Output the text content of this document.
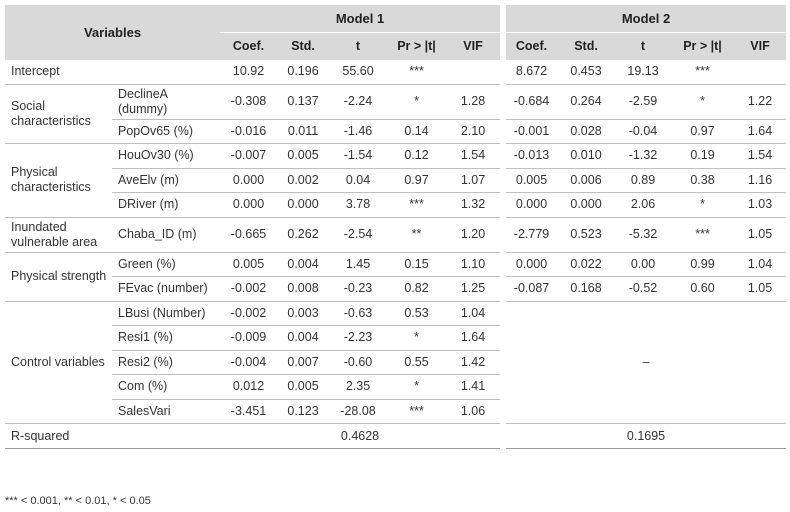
Variables		Model 1					Model 2				
		Coef.	Std.	t	Pr > |t|	VIF	Coef.	Std.	t	Pr > |t|	VIF
Intercept		10.92	0.196	55.60	***		8.672	0.453	19.13	***	
Social characteristics	DeclineA (dummy)	-0.308	0.137	-2.24	*	1.28	-0.684	0.264	-2.59	*	1.22
	PopOv65 (%)	-0.016	0.011	-1.46	0.14	2.10	-0.001	0.028	-0.04	0.97	1.64
Physical characteristics	HouOv30 (%)	-0.007	0.005	-1.54	0.12	1.54	-0.013	0.010	-1.32	0.19	1.54
	AveElv (m)	0.000	0.002	0.04	0.97	1.07	0.005	0.006	0.89	0.38	1.16
	DRiver (m)	0.000	0.000	3.78	***	1.32	0.000	0.000	2.06	*	1.03
Inundated vulnerable area	Chaba_ID (m)	-0.665	0.262	-2.54	**	1.20	-2.779	0.523	-5.32	***	1.05
Physical strength	Green (%)	0.005	0.004	1.45	0.15	1.10	0.000	0.022	0.00	0.99	1.04
	FEvac (number)	-0.002	0.008	-0.23	0.82	1.25	-0.087	0.168	-0.52	0.60	1.05
Control variables	LBusi (Number)	-0.002	0.003	-0.63	0.53	1.04	–				
	Resi1 (%)	-0.009	0.004	-2.23	*	1.64					
	Resi2 (%)	-0.004	0.007	-0.60	0.55	1.42					
	Com (%)	0.012	0.005	2.35	*	1.41					
	SalesVari	-3.451	0.123	-28.08	***	1.06					
R-squared		0.4628					0.1695				
*** < 0.001, ** < 0.01, * < 0.05
